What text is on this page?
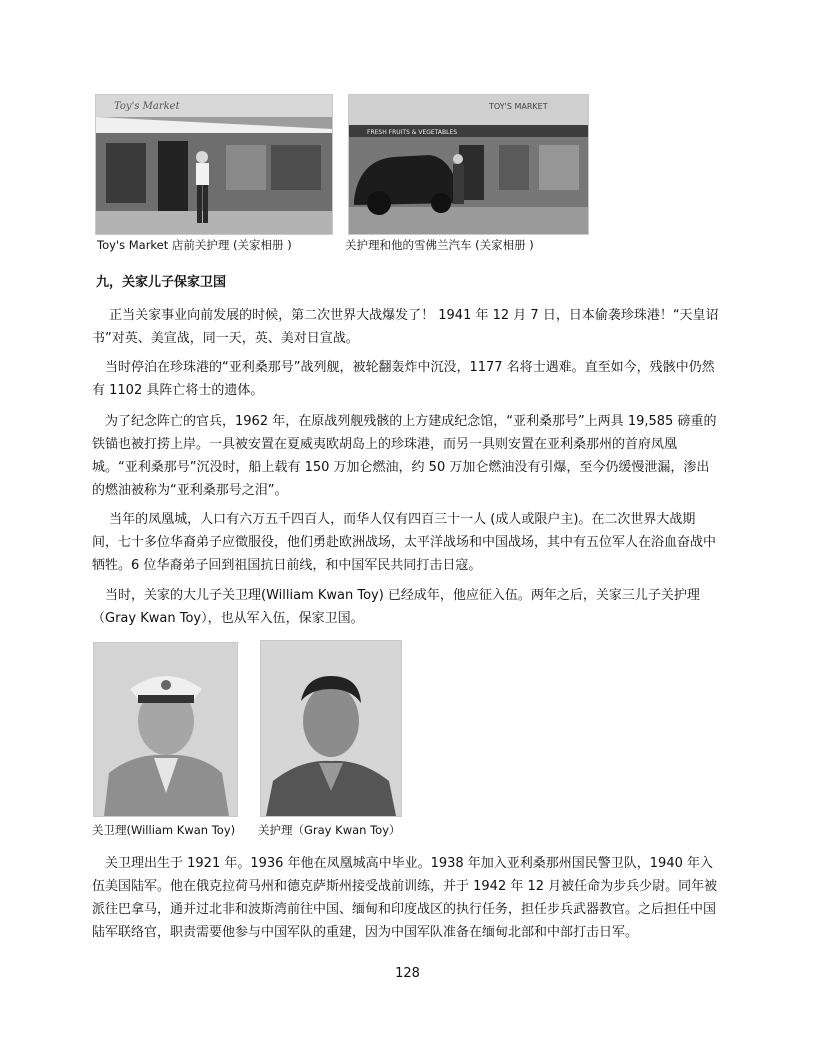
Toy's Market	TOY'S MARKET
FRESH FRUITS & VEGETABLES
Toy's Market 店前关护理 (关家相册 )	关护理和他的雪佛兰汽车 (关家相册 )
九，关家儿子保家卫国

　 正当关家事业向前发展的时候，第二次世界大战爆发了！ 1941 年 12 月 7 日，日本偷袭珍珠港！“天皇诏书”对英、美宣战，同一天，英、美对日宣战。

　当时停泊在珍珠港的“亚利桑那号”战列舰，被轮翻轰炸中沉没，1177 名将士遇难。直至如今，残骸中仍然有 1102 具阵亡将士的遗体。

　为了纪念阵亡的官兵，1962 年，在原战列舰残骸的上方建成纪念馆，“亚利桑那号”上两具 19,585 磅重的铁锚也被打捞上岸。一具被安置在夏威夷欧胡岛上的珍珠港，而另一具则安置在亚利桑那州的首府凤凰城。“亚利桑那号”沉没时，船上载有 150 万加仑燃油，约 50 万加仑燃油没有引爆，至今仍缓慢泄漏，渗出的燃油被称为“亚利桑那号之泪”。

　 当年的凤凰城，人口有六万五千四百人，而华人仅有四百三十一人 (成人或限户主)。在二次世界大战期间，七十多位华裔弟子应徵服役，他们勇赴欧洲战场，太平洋战场和中国战场，其中有五位军人在浴血奋战中牺牲。6 位华裔弟子回到祖国抗日前线，和中国军民共同打击日寇。

　当时，关家的大儿子关卫理(William Kwan Toy) 已经成年，他应征入伍。两年之后，关家三儿子关护理（Gray Kwan Toy），也从军入伍，保家卫国。

关卫理(William Kwan Toy) 关护理（Gray Kwan Toy）

　关卫理出生于 1921 年。1936 年他在凤凰城高中毕业。1938 年加入亚利桑那州国民警卫队，1940 年入伍美国陆军。他在俄克拉荷马州和德克萨斯州接受战前训练，并于 1942 年 12 月被任命为步兵少尉。同年被派往巴拿马，通并过北非和波斯湾前往中国、缅甸和印度战区的执行任务，担任步兵武器教官。之后担任中国陆军联络官，职责需要他参与中国军队的重建，因为中国军队准备在缅甸北部和中部打击日军。

128
